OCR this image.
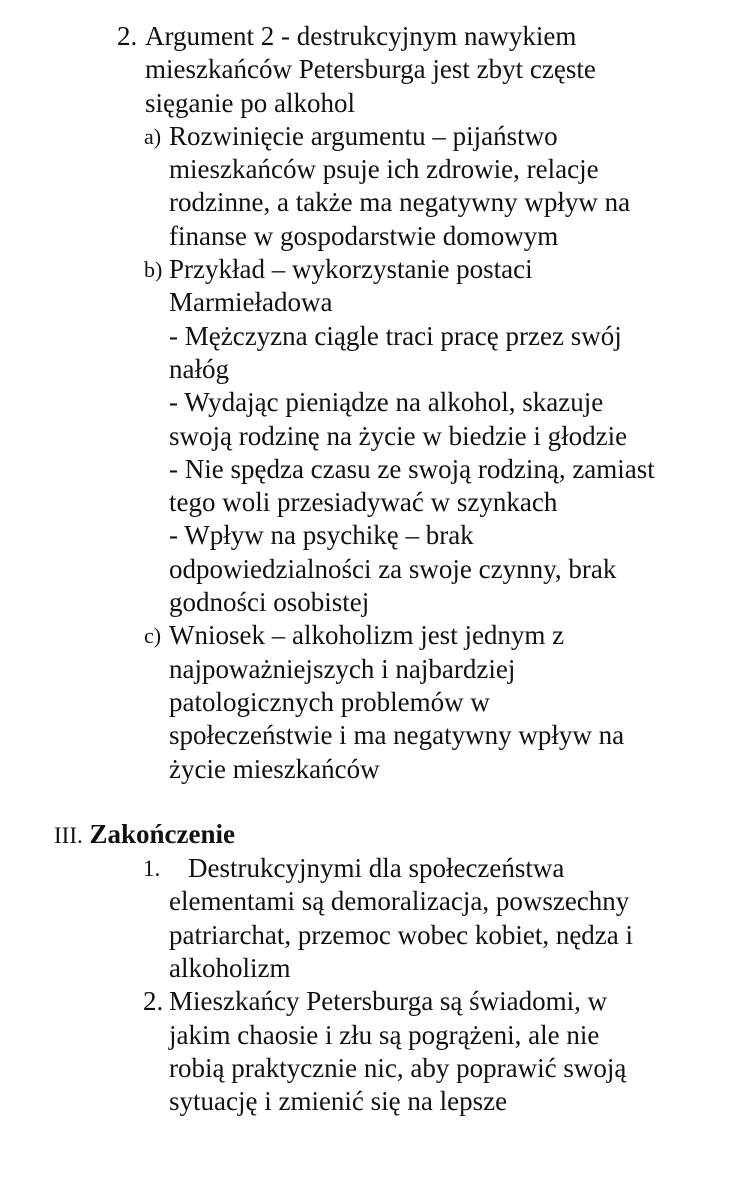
2. Argument 2 - destrukcyjnym nawykiem mieszkańców Petersburga jest zbyt częste sięganie po alkohol
a) Rozwinięcie argumentu – pijaństwo mieszkańców psuje ich zdrowie, relacje rodzinne, a także ma negatywny wpływ na finanse w gospodarstwie domowym
b) Przykład – wykorzystanie postaci Marmieładowa
- Mężczyzna ciągle traci pracę przez swój nałóg
- Wydając pieniądze na alkohol, skazuje swoją rodzinę na życie w biedzie i głodzie
- Nie spędza czasu ze swoją rodziną, zamiast tego woli przesiadywać w szynkach
- Wpływ na psychikę – brak odpowiedzialności za swoje czynny, brak godności osobistej
c) Wniosek – alkoholizm jest jednym z najpoważniejszych i najbardziej patologicznych problemów w społeczeństwie i ma negatywny wpływ na życie mieszkańców
III. Zakończenie
1.	Destrukcyjnymi dla społeczeństwa elementami są demoralizacja, powszechny patriarchat, przemoc wobec kobiet, nędza i alkoholizm
2. Mieszkańcy Petersburga są świadomi, w jakim chaosie i złu są pogrążeni, ale nie robią praktycznie nic, aby poprawić swoją sytuację i zmienić się na lepsze
